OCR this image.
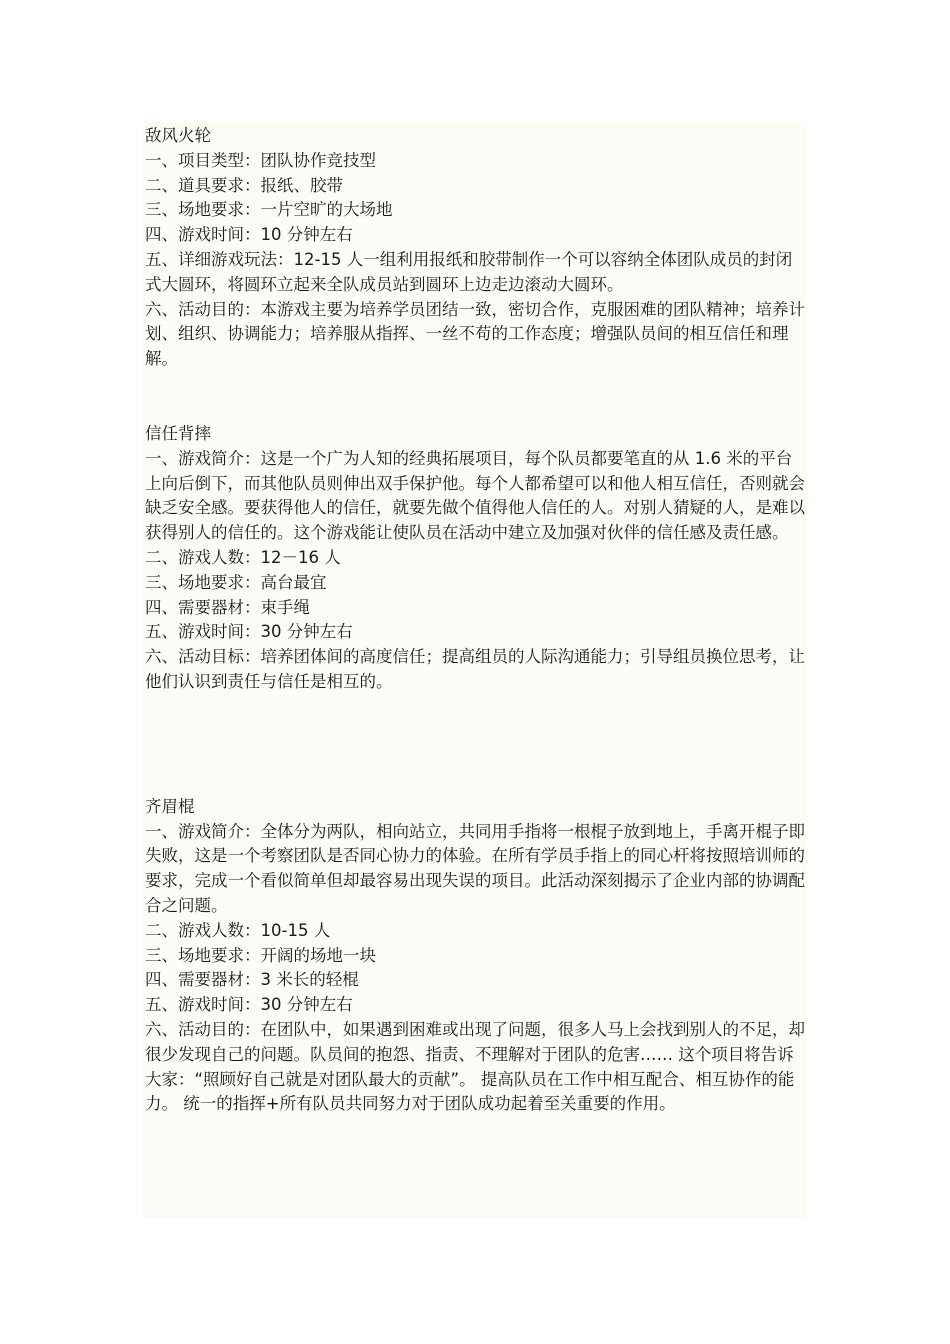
敌风火轮

一、项目类型：团队协作竞技型

二、道具要求：报纸、胶带

三、场地要求：一片空旷的大场地

四、游戏时间：10 分钟左右

五、详细游戏玩法：12-15 人一组利用报纸和胶带制作一个可以容纳全体团队成员的封闭式大圆环，将圆环立起来全队成员站到圆环上边走边滚动大圆环。

六、活动目的：本游戏主要为培养学员团结一致，密切合作，克服困难的团队精神；培养计划、组织、协调能力；培养服从指挥、一丝不苟的工作态度；增强队员间的相互信任和理解。

信任背摔

一、游戏简介：这是一个广为人知的经典拓展项目，每个队员都要笔直的从 1.6 米的平台上向后倒下，而其他队员则伸出双手保护他。每个人都希望可以和他人相互信任，否则就会缺乏安全感。要获得他人的信任，就要先做个值得他人信任的人。对别人猜疑的人，是难以获得别人的信任的。这个游戏能让使队员在活动中建立及加强对伙伴的信任感及责任感。

二、游戏人数：12－16 人

三、场地要求：高台最宜

四、需要器材：束手绳

五、游戏时间：30 分钟左右

六、活动目标：培养团体间的高度信任；提高组员的人际沟通能力；引导组员换位思考，让他们认识到责任与信任是相互的。

齐眉棍

一、游戏简介：全体分为两队，相向站立，共同用手指将一根棍子放到地上，手离开棍子即失败，这是一个考察团队是否同心协力的体验。在所有学员手指上的同心杆将按照培训师的要求，完成一个看似简单但却最容易出现失误的项目。此活动深刻揭示了企业内部的协调配合之问题。

二、游戏人数：10-15 人

三、场地要求：开阔的场地一块

四、需要器材：3 米长的轻棍

五、游戏时间：30 分钟左右

六、活动目的：在团队中，如果遇到困难或出现了问题，很多人马上会找到别人的不足，却很少发现自己的问题。队员间的抱怨、指责、不理解对于团队的危害…… 这个项目将告诉大家：“照顾好自己就是对团队最大的贡献”。 提高队员在工作中相互配合、相互协作的能力。 统一的指挥+所有队员共同努力对于团队成功起着至关重要的作用。
